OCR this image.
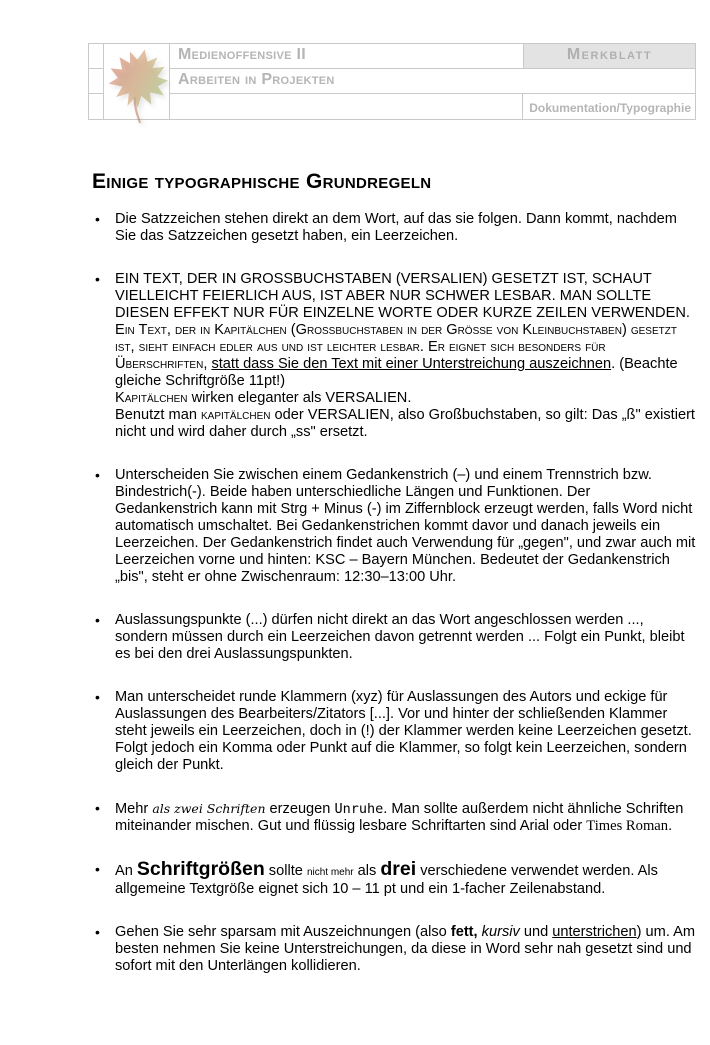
Medienoffensive II	Merkblatt
Arbeiten in Projekten
Dokumentation/Typographie
Einige typographische Grundregeln
•	Die Satzzeichen stehen direkt an dem Wort, auf das sie folgen. Dann kommt, nachdem Sie das Satzzeichen gesetzt haben, ein Leerzeichen.
•	EIN TEXT, DER IN GROSSBUCHSTABEN (VERSALIEN) GESETZT IST, SCHAUT VIELLEICHT FEIERLICH AUS, IST ABER NUR SCHWER LESBAR. MAN SOLLTE DIESEN EFFEKT NUR FÜR EINZELNE WORTE ODER KURZE ZEILEN VERWENDEN. Ein Text, der in Kapitälchen (Grossbuchstaben in der Größe von Kleinbuchstaben) gesetzt ist, sieht einfach edler aus und ist leichter lesbar. Er eignet sich besonders für Überschriften, statt dass Sie den Text mit einer Unterstreichung auszeichnen. (Beachte gleiche Schriftgröße 11pt!)
Kapitälchen wirken eleganter als VERSALIEN.
Benutzt man kapitälchen oder VERSALIEN, also Großbuchstaben, so gilt: Das „ß" existiert nicht und wird daher durch „ss" ersetzt.
•	Unterscheiden Sie zwischen einem Gedankenstrich (–) und einem Trennstrich bzw. Bindestrich(-). Beide haben unterschiedliche Längen und Funktionen. Der Gedankenstrich kann mit Strg + Minus (-) im Ziffernblock erzeugt werden, falls Word nicht automatisch umschaltet. Bei Gedankenstrichen kommt davor und danach jeweils ein Leerzeichen. Der Gedankenstrich findet auch Verwendung für „gegen", und zwar auch mit Leerzeichen vorne und hinten: KSC – Bayern München. Bedeutet der Gedankenstrich „bis", steht er ohne Zwischenraum: 12:30–13:00 Uhr.
•	Auslassungspunkte (...) dürfen nicht direkt an das Wort angeschlossen werden ..., sondern müssen durch ein Leerzeichen davon getrennt werden ... Folgt ein Punkt, bleibt es bei den drei Auslassungspunkten.
•	Man unterscheidet runde Klammern (xyz) für Auslassungen des Autors und eckige für Auslassungen des Bearbeiters/Zitators [...]. Vor und hinter der schließenden Klammer steht jeweils ein Leerzeichen, doch in (!) der Klammer werden keine Leerzeichen gesetzt. Folgt jedoch ein Komma oder Punkt auf die Klammer, so folgt kein Leerzeichen, sondern gleich der Punkt.
•	Mehr als zwei Schriften erzeugen Unruhe. Man sollte außerdem nicht ähnliche Schriften miteinander mischen. Gut und flüssig lesbare Schriftarten sind Arial oder Times Roman.
•	An Schriftgrößen sollte nicht mehr als drei verschiedene verwendet werden. Als allgemeine Textgröße eignet sich 10 – 11 pt und ein 1-facher Zeilenabstand.
•	Gehen Sie sehr sparsam mit Auszeichnungen (also fett, kursiv und unterstrichen) um. Am besten nehmen Sie keine Unterstreichungen, da diese in Word sehr nah gesetzt sind und sofort mit den Unterlängen kollidieren.
